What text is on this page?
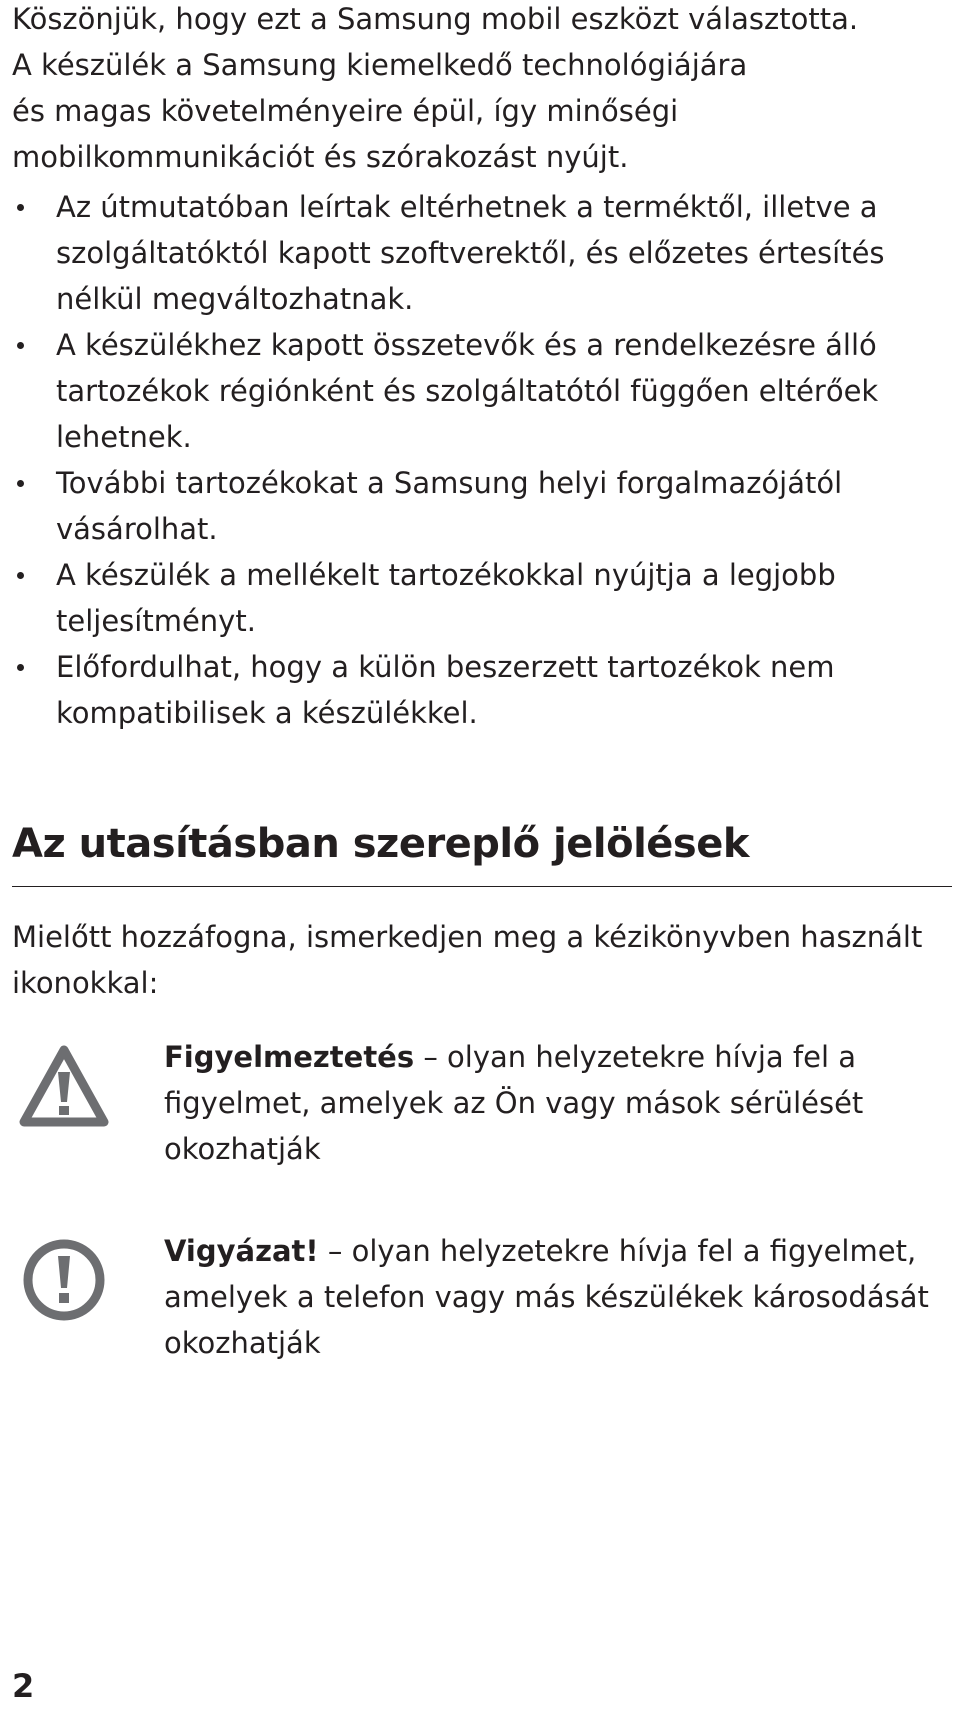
Köszönjük, hogy ezt a Samsung mobil eszközt választotta.
A készülék a Samsung kiemelkedő technológiájára
és magas követelményeire épül, így minőségi
mobilkommunikációt és szórakozást nyújt.

Az útmutatóban leírtak eltérhetnek a terméktől, illetve a szolgáltatóktól kapott szoftverektől, és előzetes értesítés nélkül megváltozhatnak.
A készülékhez kapott összetevők és a rendelkezésre álló tartozékok régiónként és szolgáltatótól függően eltérőek lehetnek.
További tartozékokat a Samsung helyi forgalmazójától vásárolhat.
A készülék a mellékelt tartozékokkal nyújtja a legjobb teljesítményt.
Előfordulhat, hogy a külön beszerzett tartozékok nem kompatibilisek a készülékkel.
Az utasításban szereplő jelölések

Mielőtt hozzáfogna, ismerkedjen meg a kézikönyvben használt ikonokkal:

Figyelmeztetés – olyan helyzetekre hívja fel a figyelmet, amelyek az Ön vagy mások sérülését okozhatják

Vigyázat! – olyan helyzetekre hívja fel a figyelmet, amelyek a telefon vagy más készülékek károsodását okozhatják

2
